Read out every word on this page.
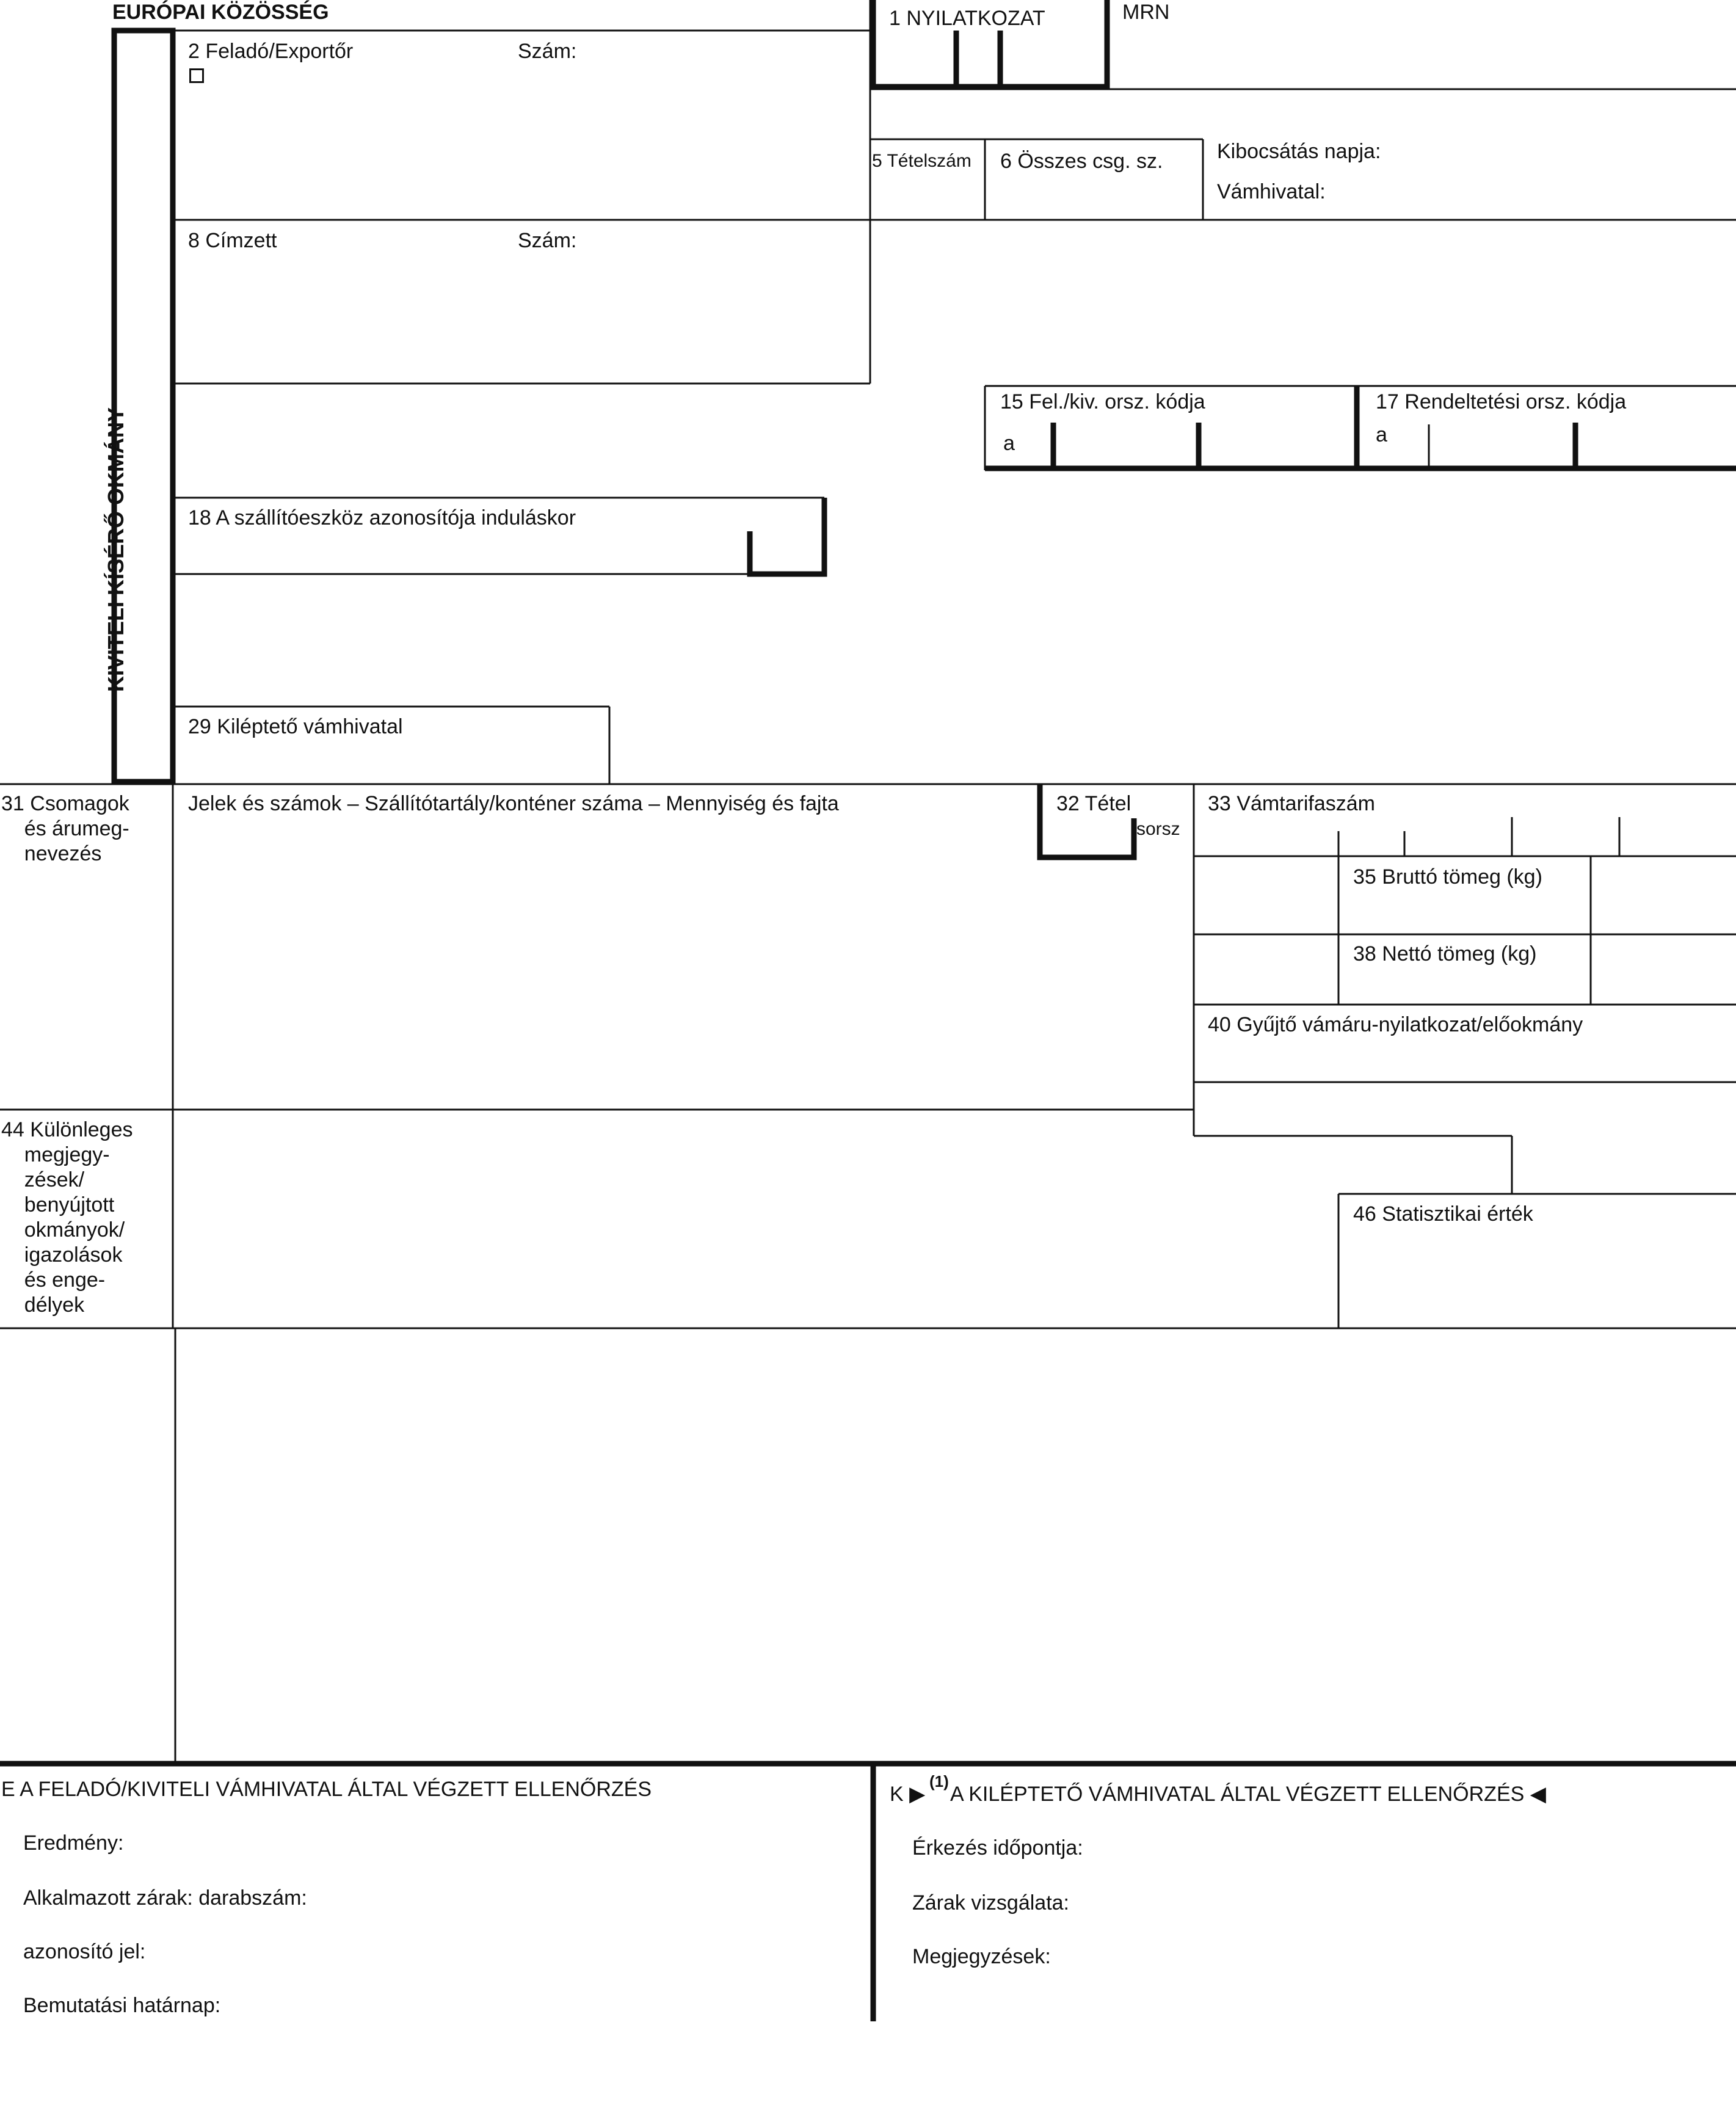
EURÓPAI KÖZÖSSÉG	1 NYILATKOZAT	MRN
KIVITELI KÍSÉRŐ OKMÁNY
2 Feladó/Exportőr	Szám:
5 Tételszám 6 Összes csg. sz.	Kibocsátás napja:
Vámhivatal:
8 Címzett	Szám:
15 Fel./kiv. orsz. kódja
a
17 Rendeltetési orsz. kódja
a
18 A szállítóeszköz azonosítója induláskor
29 Kiléptető vámhivatal
31 Csomagok
és árumeg-
nevezés
Jelek és számok – Szállítótartály/konténer száma – Mennyiség és fajta	32 Tétel
sorsz
33 Vámtarifaszám
35 Bruttó tömeg (kg)
38 Nettó tömeg (kg)
40 Gyűjtő vámáru-nyilatkozat/előokmány
44 Különleges
megjegy-
zések/
benyújtott
okmányok/
igazolások
és enge-
délyek
46 Statisztikai érték
E A FELADÓ/KIVITELI VÁMHIVATAL ÁLTAL VÉGZETT ELLENŐRZÉS
Eredmény:
Alkalmazott zárak: darabszám:
azonosító jel:
Bemutatási határnap:
K ▶
(1)
A KILÉPTETŐ VÁMHIVATAL ÁLTAL VÉGZETT ELLENŐRZÉS ◀
Érkezés időpontja:
Zárak vizsgálata:
Megjegyzések:
